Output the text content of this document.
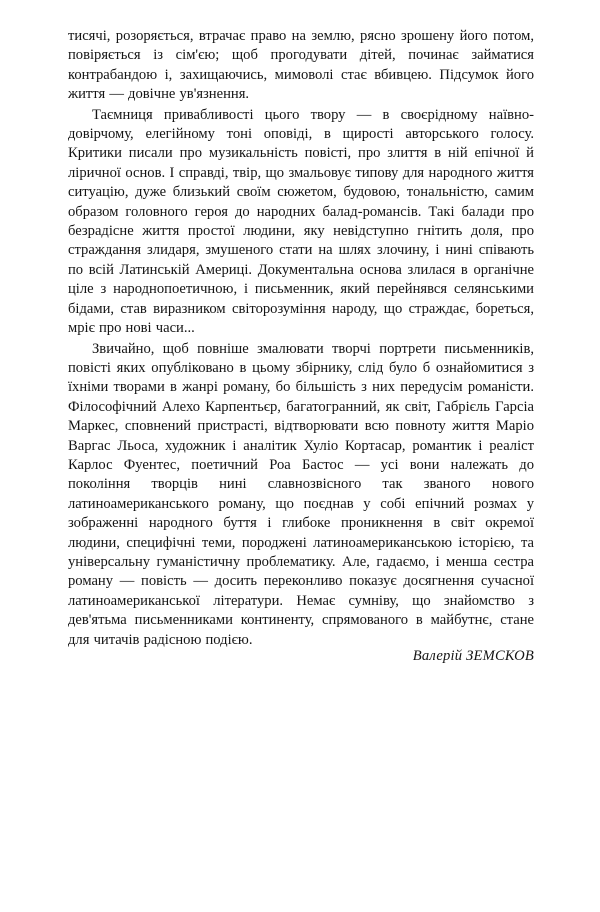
тисячі, розоряється, втрачає право на землю, рясно зрошену його потом, повіряється із сім'єю; щоб прогодувати дітей, починає займатися контрабандою і, захищаючись, мимоволі стає вбивцею. Підсумок його життя — довічне ув'язнення.

Таємниця привабливості цього твору — в своєрідному наївно-довірчому, елегійному тоні оповіді, в щирості авторського голосу. Критики писали про музикальність повісті, про злиття в ній епічної й ліричної основ. І справді, твір, що змальовує типову для народного життя ситуацію, дуже близький своїм сюжетом, будовою, тональністю, самим образом головного героя до народних балад-романсів. Такі балади про безрадісне життя простої людини, яку невідступно гнітить доля, про страждання злидаря, змушеного стати на шлях злочину, і нині співають по всій Латинській Америці. Документальна основа злилася в органічне ціле з народнопоетичною, і письменник, який перейнявся селянськими бідами, став виразником світорозуміння народу, що страждає, бореться, мріє про нові часи...

Звичайно, щоб повніше змалювати творчі портрети письменників, повісті яких опубліковано в цьому збірнику, слід було б ознайомитися з їхніми творами в жанрі роману, бо більшість з них передусім романісти. Філософічний Алехо Карпентьєр, багатогранний, як світ, Габрієль Гарсіа Маркес, сповнений пристрасті, відтворювати всю повноту життя Маріо Варгас Льоса, художник і аналітик Хуліо Кортасар, романтик і реаліст Карлос Фуентес, поетичний Роа Бастос — усі вони належать до покоління творців нині славнозвісного так званого нового латиноамериканського роману, що поєднав у собі епічний розмах у зображенні народного буття і глибоке проникнення в світ окремої людини, специфічні теми, породжені латиноамериканською історією, та універсальну гуманістичну проблематику. Але, гадаємо, і менша сестра роману — повість — досить переконливо показує досягнення сучасної латиноамериканської літератури. Немає сумніву, що знайомство з дев'ятьма письменниками континенту, спрямованого в майбутнє, стане для читачів радісною подією.

Валерій ЗЕМСКОВ
